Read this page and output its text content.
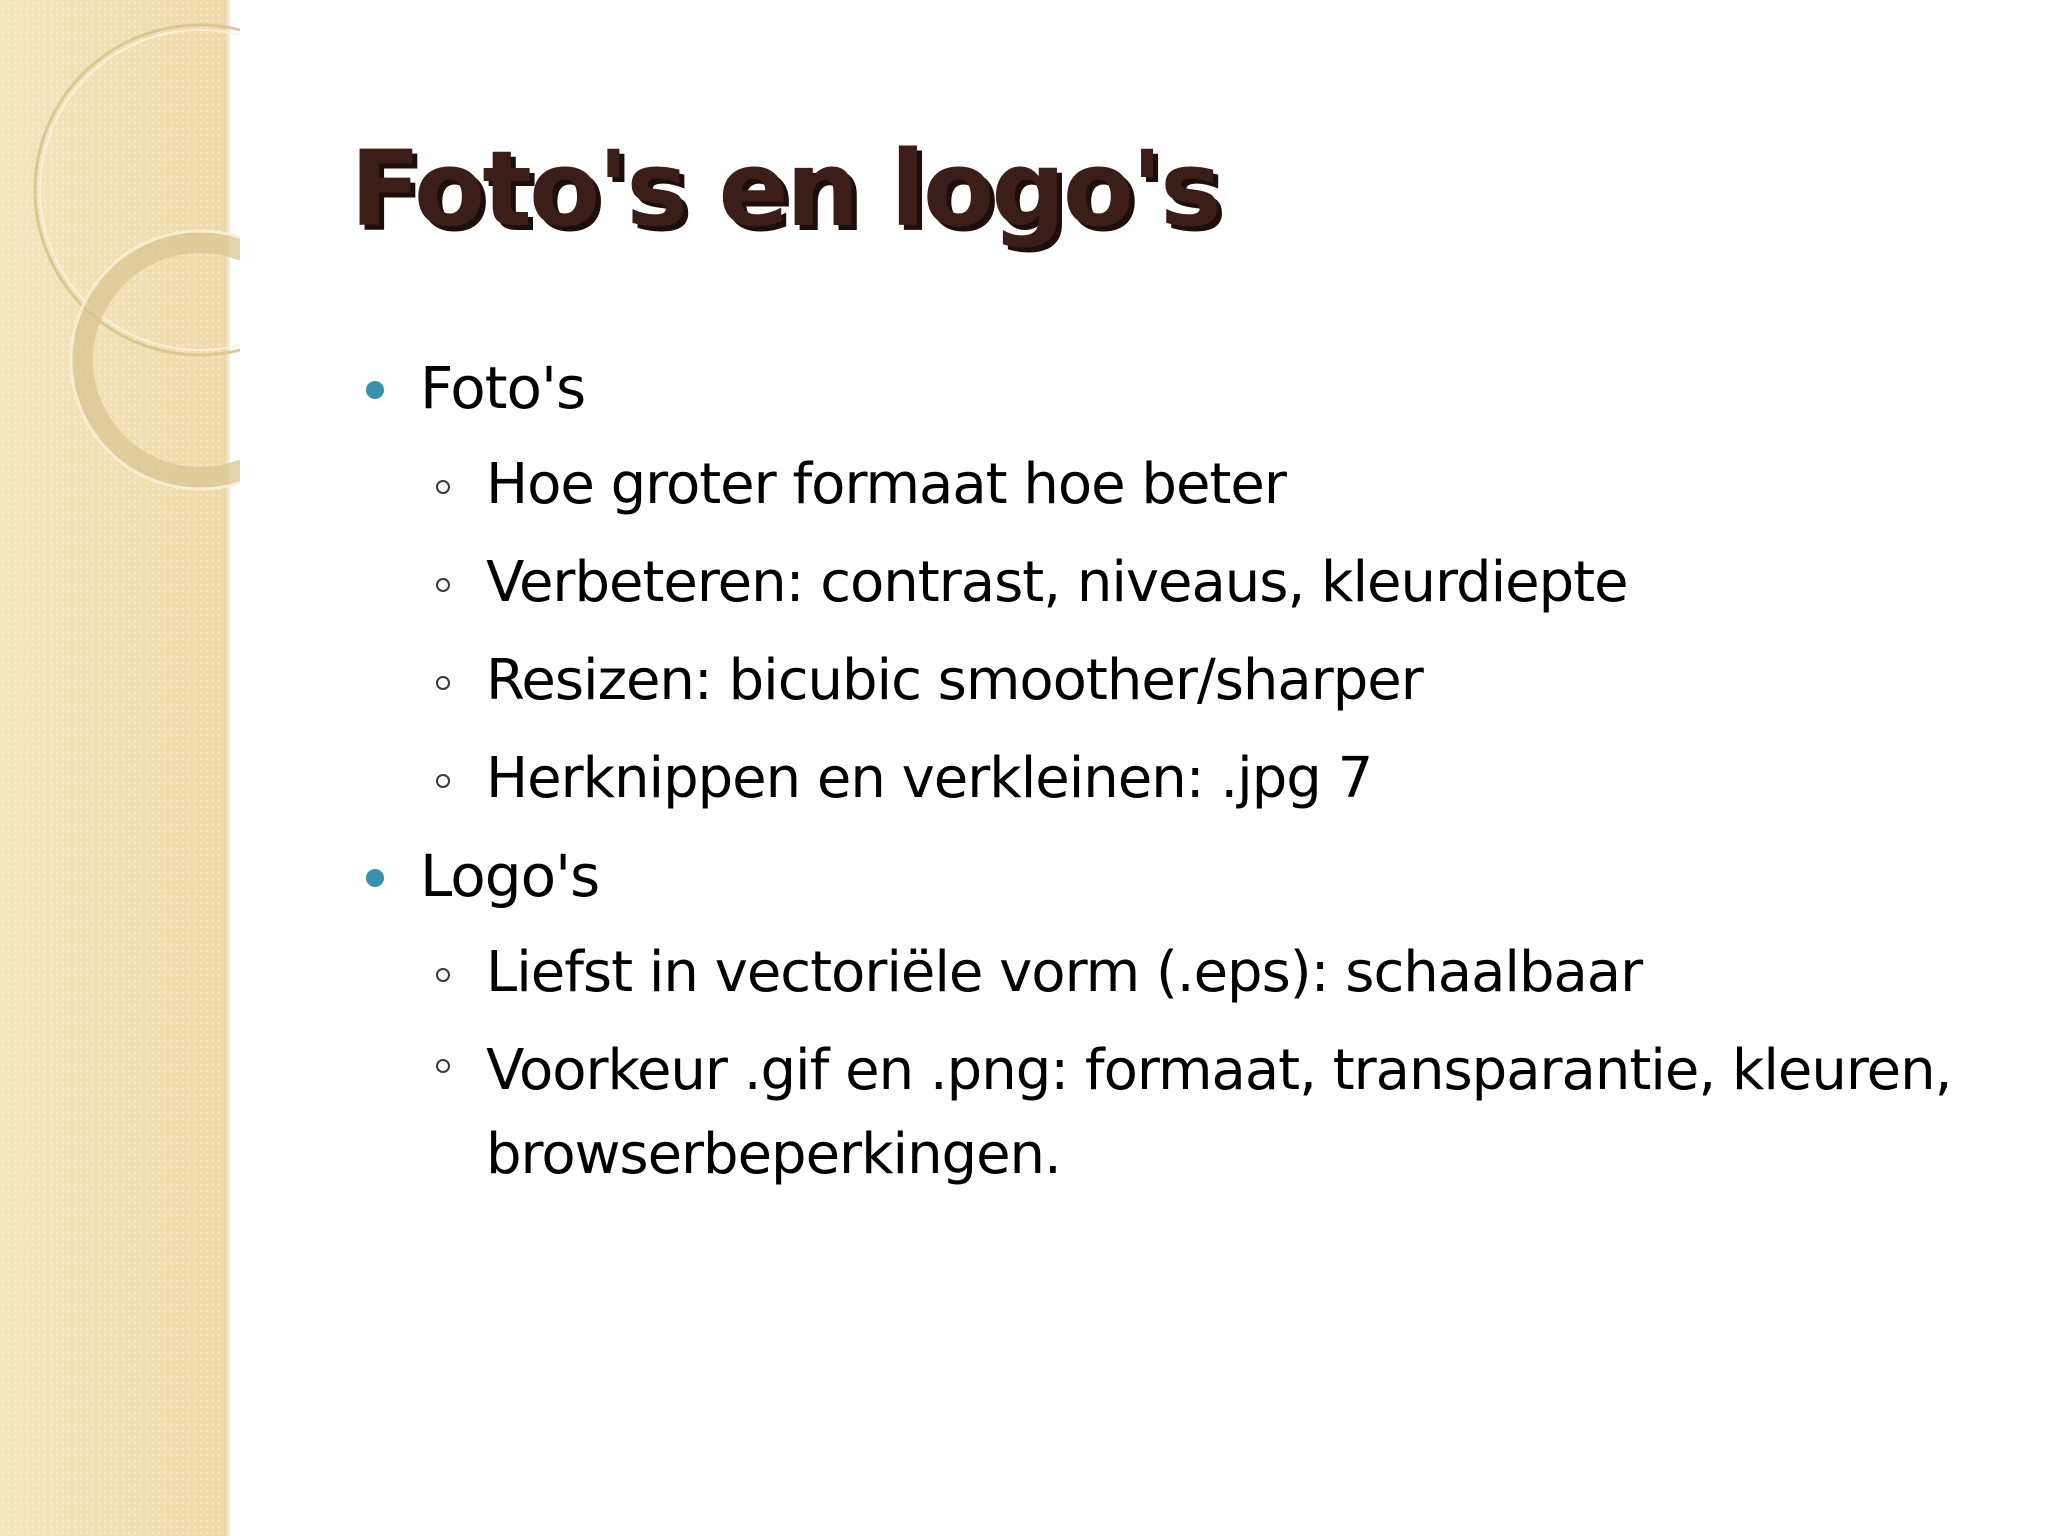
Foto's en logo's
Foto's
Hoe groter formaat hoe beter
Verbeteren: contrast, niveaus, kleurdiepte
Resizen: bicubic smoother/sharper
Herknippen en verkleinen: .jpg 7
Logo's
Liefst in vectoriële vorm (.eps): schaalbaar
Voorkeur .gif en .png: formaat, transparantie, kleuren, browserbeperkingen.
